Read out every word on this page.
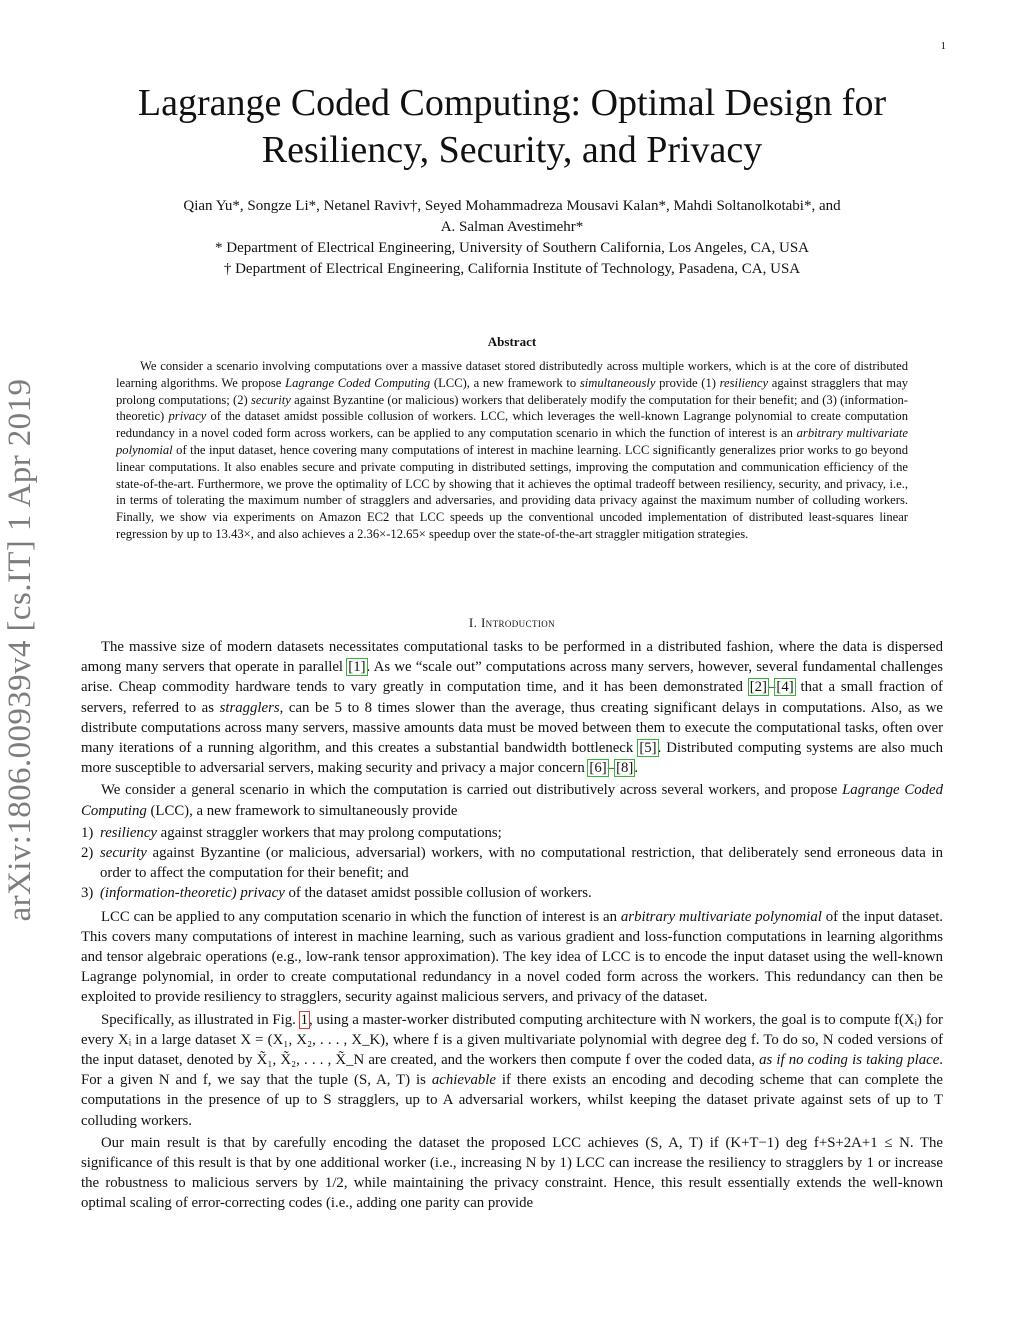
1
arXiv:1806.00939v4 [cs.IT] 1 Apr 2019
Lagrange Coded Computing: Optimal Design for
Resiliency, Security, and Privacy
Qian Yu*, Songze Li*, Netanel Raviv†, Seyed Mohammadreza Mousavi Kalan*, Mahdi Soltanolkotabi*, and
A. Salman Avestimehr*
* Department of Electrical Engineering, University of Southern California, Los Angeles, CA, USA
† Department of Electrical Engineering, California Institute of Technology, Pasadena, CA, USA
Abstract

We consider a scenario involving computations over a massive dataset stored distributedly across multiple workers, which is at the core of distributed learning algorithms. We propose Lagrange Coded Computing (LCC), a new framework to simultaneously provide (1) resiliency against stragglers that may prolong computations; (2) security against Byzantine (or malicious) workers that deliberately modify the computation for their benefit; and (3) (information-theoretic) privacy of the dataset amidst possible collusion of workers. LCC, which leverages the well-known Lagrange polynomial to create computation redundancy in a novel coded form across workers, can be applied to any computation scenario in which the function of interest is an arbitrary multivariate polynomial of the input dataset, hence covering many computations of interest in machine learning. LCC significantly generalizes prior works to go beyond linear computations. It also enables secure and private computing in distributed settings, improving the computation and communication efficiency of the state-of-the-art. Furthermore, we prove the optimality of LCC by showing that it achieves the optimal tradeoff between resiliency, security, and privacy, i.e., in terms of tolerating the maximum number of stragglers and adversaries, and providing data privacy against the maximum number of colluding workers. Finally, we show via experiments on Amazon EC2 that LCC speeds up the conventional uncoded implementation of distributed least-squares linear regression by up to 13.43×, and also achieves a 2.36×-12.65× speedup over the state-of-the-art straggler mitigation strategies.

I. Introduction

The massive size of modern datasets necessitates computational tasks to be performed in a distributed fashion, where the data is dispersed among many servers that operate in parallel [1]. As we “scale out” computations across many servers, however, several fundamental challenges arise. Cheap commodity hardware tends to vary greatly in computation time, and it has been demonstrated [2]–[4] that a small fraction of servers, referred to as stragglers, can be 5 to 8 times slower than the average, thus creating significant delays in computations. Also, as we distribute computations across many servers, massive amounts data must be moved between them to execute the computational tasks, often over many iterations of a running algorithm, and this creates a substantial bandwidth bottleneck [5]. Distributed computing systems are also much more susceptible to adversarial servers, making security and privacy a major concern [6]–[8].

We consider a general scenario in which the computation is carried out distributively across several workers, and propose Lagrange Coded Computing (LCC), a new framework to simultaneously provide

1) resiliency against straggler workers that may prolong computations;
2) security against Byzantine (or malicious, adversarial) workers, with no computational restriction, that deliberately send erroneous data in order to affect the computation for their benefit; and
3) (information-theoretic) privacy of the dataset amidst possible collusion of workers.

LCC can be applied to any computation scenario in which the function of interest is an arbitrary multivariate polynomial of the input dataset. This covers many computations of interest in machine learning, such as various gradient and loss-function computations in learning algorithms and tensor algebraic operations (e.g., low-rank tensor approximation). The key idea of LCC is to encode the input dataset using the well-known Lagrange polynomial, in order to create computational redundancy in a novel coded form across the workers. This redundancy can then be exploited to provide resiliency to stragglers, security against malicious servers, and privacy of the dataset.

Specifically, as illustrated in Fig. 1, using a master-worker distributed computing architecture with N workers, the goal is to compute f(Xᵢ) for every Xᵢ in a large dataset X = (X₁, X₂, . . . , X_K), where f is a given multivariate polynomial with degree deg f. To do so, N coded versions of the input dataset, denoted by X̃₁, X̃₂, . . . , X̃_N are created, and the workers then compute f over the coded data, as if no coding is taking place. For a given N and f, we say that the tuple (S, A, T) is achievable if there exists an encoding and decoding scheme that can complete the computations in the presence of up to S stragglers, up to A adversarial workers, whilst keeping the dataset private against sets of up to T colluding workers.

Our main result is that by carefully encoding the dataset the proposed LCC achieves (S, A, T) if (K+T−1) deg f+S+2A+1 ≤ N. The significance of this result is that by one additional worker (i.e., increasing N by 1) LCC can increase the resiliency to stragglers by 1 or increase the robustness to malicious servers by 1/2, while maintaining the privacy constraint. Hence, this result essentially extends the well-known optimal scaling of error-correcting codes (i.e., adding one parity can provide
